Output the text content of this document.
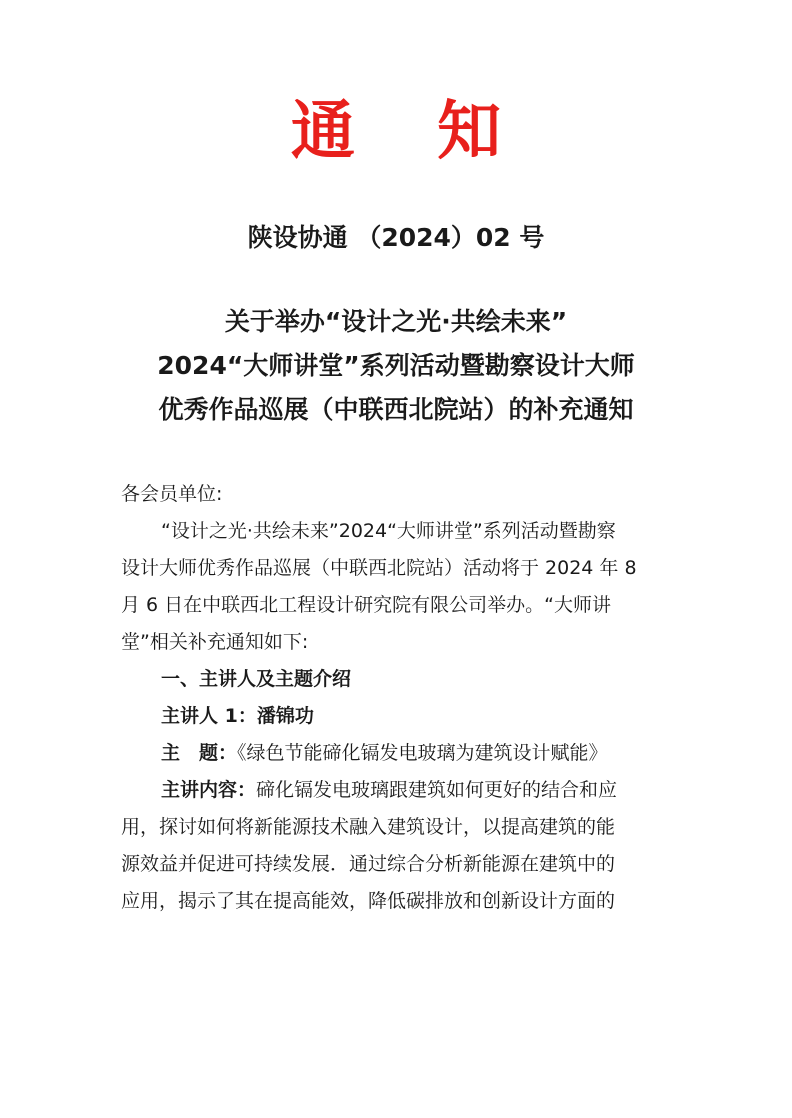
通 知
陕设协通 （2024）02 号
关于举办“设计之光·共绘未来”
2024“大师讲堂”系列活动暨勘察设计大师
优秀作品巡展（中联西北院站）的补充通知

各会员单位:

“设计之光·共绘未来”2024“大师讲堂”系列活动暨勘察

设计大师优秀作品巡展（中联西北院站）活动将于 2024 年 8

月 6 日在中联西北工程设计研究院有限公司举办。“大师讲

堂”相关补充通知如下:

一、主讲人及主题介绍

主讲人 1：潘锦功

主　题：《绿色节能碲化镉发电玻璃为建筑设计赋能》

主讲内容：碲化镉发电玻璃跟建筑如何更好的结合和应

用，探讨如何将新能源技术融入建筑设计，以提高建筑的能

源效益并促进可持续发展．通过综合分析新能源在建筑中的

应用，揭示了其在提高能效，降低碳排放和创新设计方面的
